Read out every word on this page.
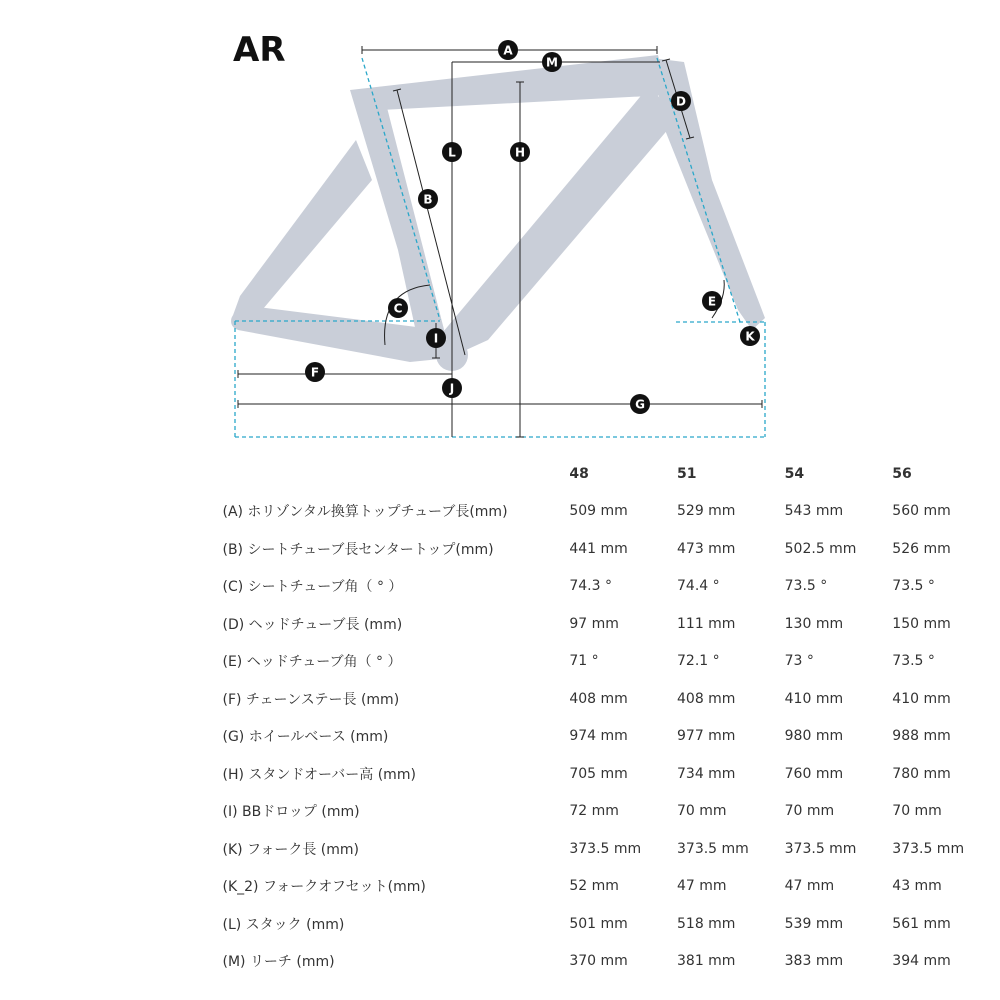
AR	A
M
D
L	H
B
C
I
E
K
F
J
G
		48	51	54	56
	(A) ホリゾンタル換算トップチューブ長(mm)	509 mm	529 mm	543 mm	560 mm
	(B) シートチューブ長センタートップ(mm)	441 mm	473 mm	502.5 mm	526 mm
	(C) シートチューブ角（ ° ）	74.3 °	74.4 °	73.5 °	73.5 °
	(D) ヘッドチューブ長 (mm)	97 mm	111 mm	130 mm	150 mm
	(E) ヘッドチューブ角（ ° ）	71 °	72.1 °	73 °	73.5 °
	(F) チェーンステー長 (mm)	408 mm	408 mm	410 mm	410 mm
	(G) ホイールベース (mm)	974 mm	977 mm	980 mm	988 mm
	(H) スタンドオーバー高 (mm)	705 mm	734 mm	760 mm	780 mm
	(I) BBドロップ (mm)	72 mm	70 mm	70 mm	70 mm
	(K) フォーク長 (mm)	373.5 mm	373.5 mm	373.5 mm	373.5 mm
	(K_2) フォークオフセット(mm)	52 mm	47 mm	47 mm	43 mm
	(L) スタック (mm)	501 mm	518 mm	539 mm	561 mm
	(M) リーチ (mm)	370 mm	381 mm	383 mm	394 mm
